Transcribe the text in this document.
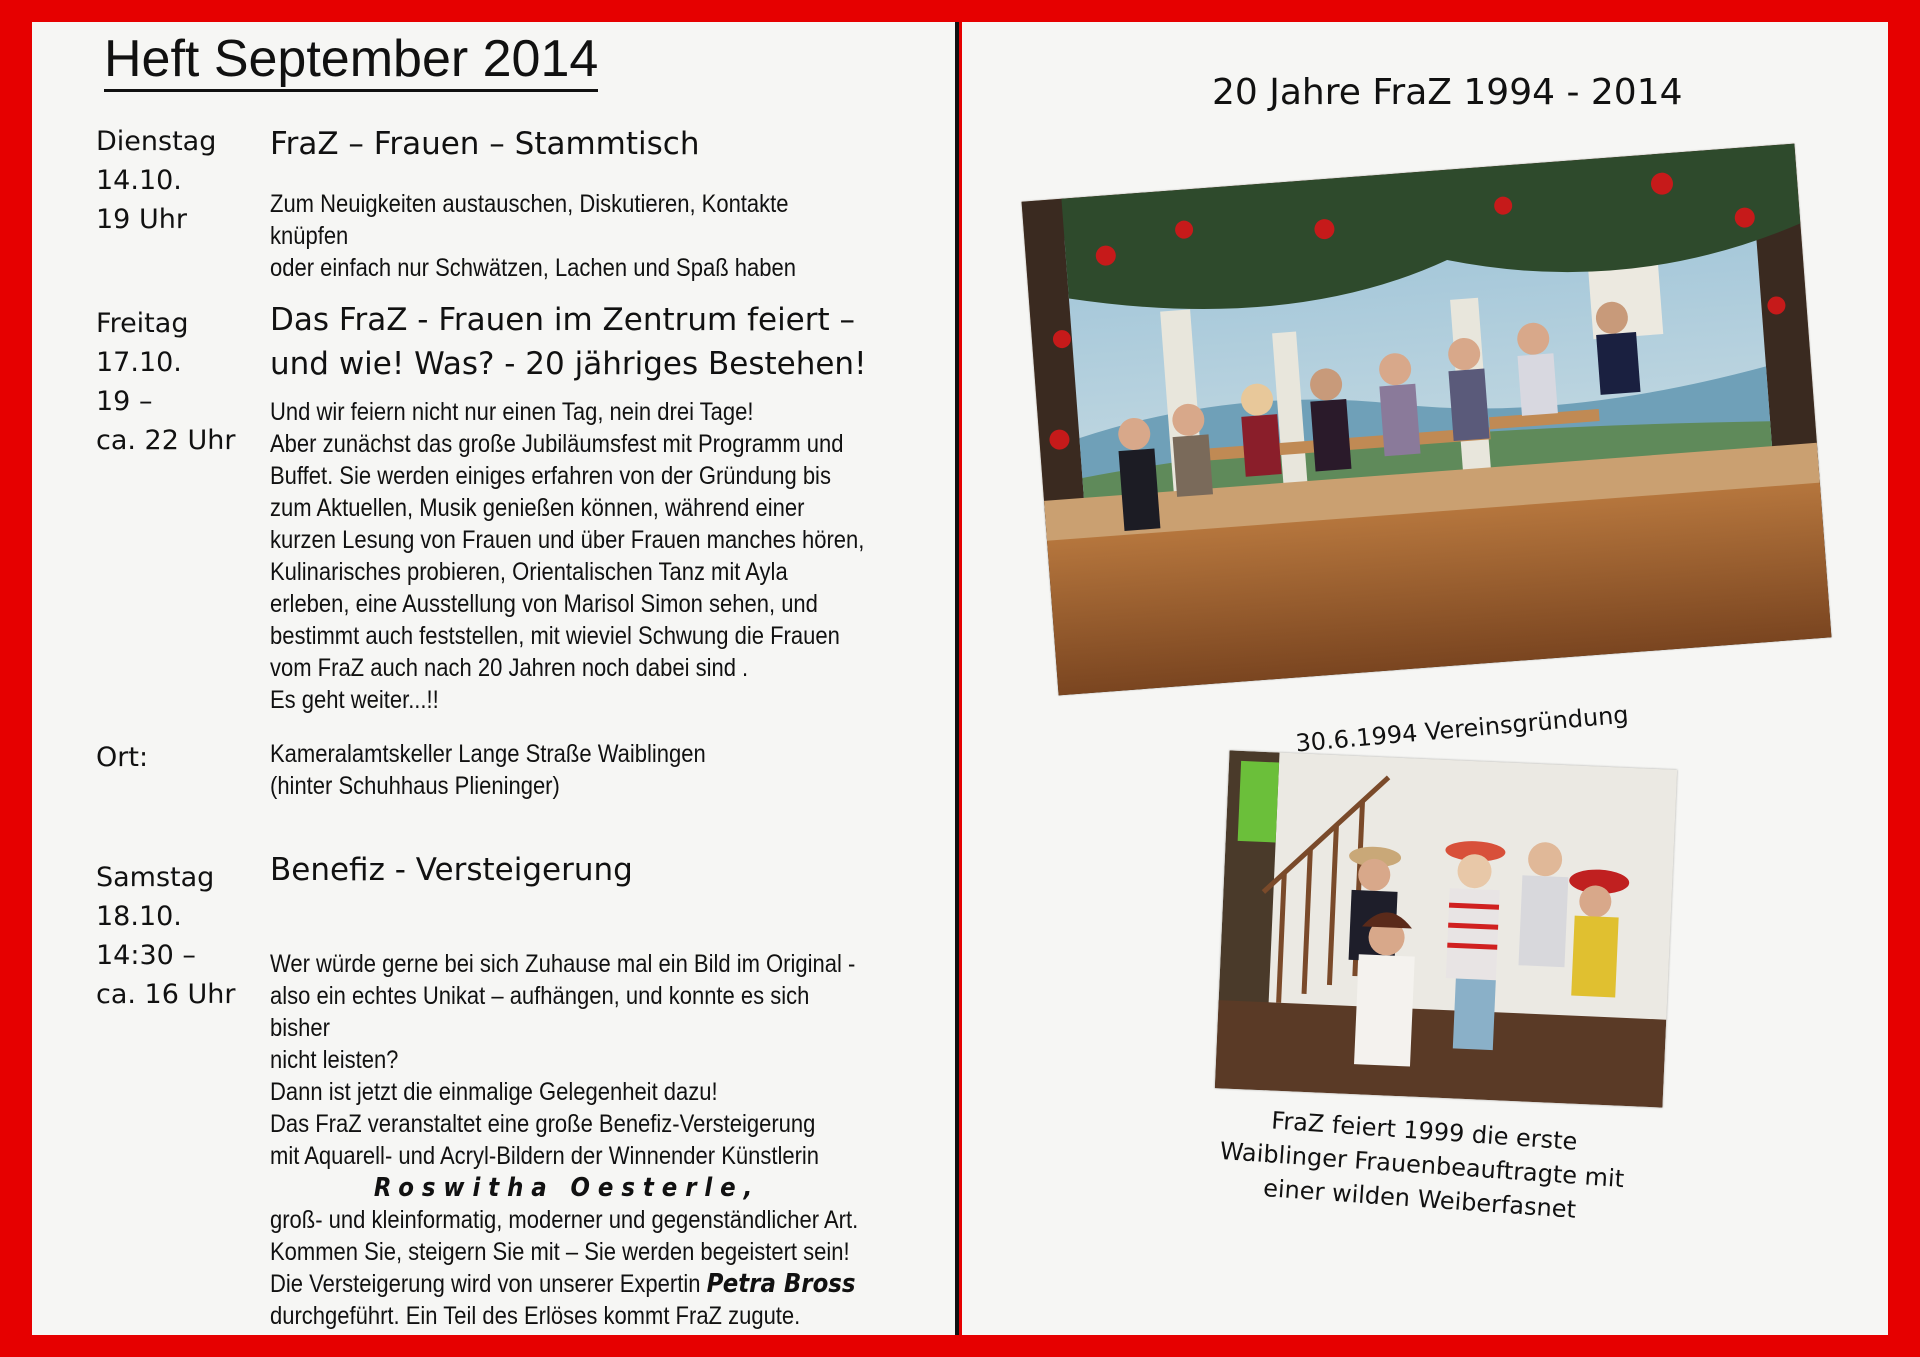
Heft September 2014
Dienstag
14.10.
19 Uhr
FraZ – Frauen – Stammtisch
Zum Neuigkeiten austauschen, Diskutieren, Kontakte knüpfen
oder einfach nur Schwätzen, Lachen und Spaß haben
Freitag
17.10.
19 –
ca. 22 Uhr
Das FraZ - Frauen im Zentrum feiert –
und wie! Was? - 20 jähriges Bestehen!
Und wir feiern nicht nur einen Tag, nein drei Tage!
Aber zunächst das große Jubiläumsfest mit Programm und
Buffet. Sie werden einiges erfahren von der Gründung bis
zum Aktuellen, Musik genießen können, während einer
kurzen Lesung von Frauen und über Frauen manches hören,
Kulinarisches probieren, Orientalischen Tanz mit Ayla
erleben, eine Ausstellung von Marisol Simon sehen, und
bestimmt auch feststellen, mit wieviel Schwung die Frauen
vom FraZ auch nach 20 Jahren noch dabei sind .
Es geht weiter...!!
Ort:	Kameralamtskeller Lange Straße Waiblingen
(hinter Schuhhaus Plieninger)
Samstag
18.10.
14:30 –
ca. 16 Uhr
Benefiz - Versteigerung

Wer würde gerne bei sich Zuhause mal ein Bild im Original -
also ein echtes Unikat – aufhängen, und konnte es sich bisher
nicht leisten?
Dann ist jetzt die einmalige Gelegenheit dazu!
Das FraZ veranstaltet eine große Benefiz-Versteigerung
mit Aquarell- und Acryl-Bildern der Winnender Künstlerin

Roswitha Oesterle,
groß- und kleinformatig, moderner und gegenständlicher Art.
Kommen Sie, steigern Sie mit – Sie werden begeistert sein!

Die Versteigerung wird von unserer Expertin Petra Bross
durchgeführt. Ein Teil des Erlöses kommt FraZ zugute.

20 Jahre FraZ 1994 - 2014
30.6.1994 Vereinsgründung
FraZ feiert 1999 die erste
Waiblinger Frauenbeauftragte mit
einer wilden Weiberfasnet
